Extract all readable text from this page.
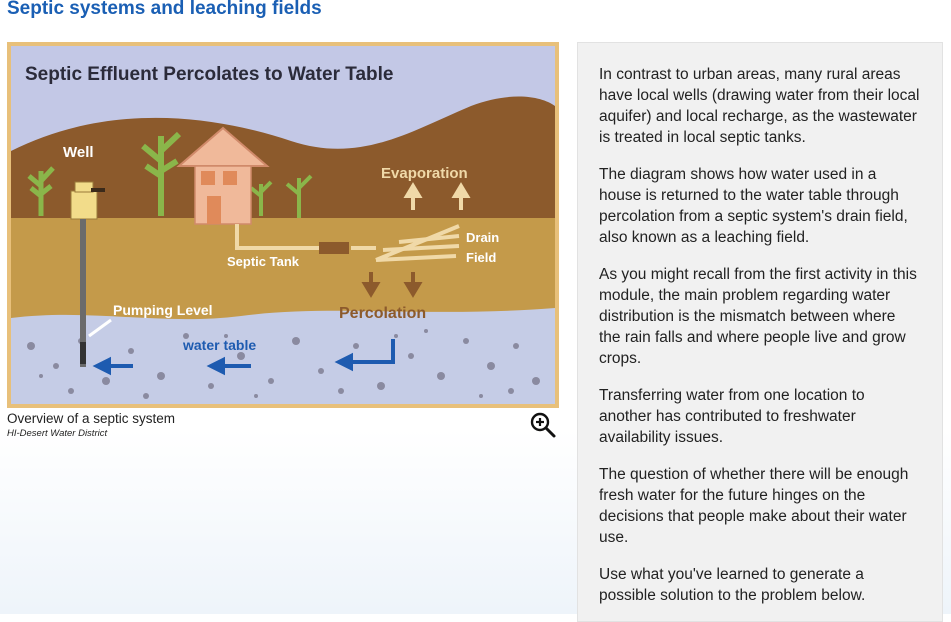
Septic systems and leaching fields
Septic Effluent Percolates to Water Table
Well
Evaporation
Drain
Field
Septic Tank
Pumping Level	Percolation
water table
Overview of a septic system
HI-Desert Water District

In contrast to urban areas, many rural areas have local wells (drawing water from their local aquifer) and local recharge, as the wastewater is treated in local septic tanks.

The diagram shows how water used in a house is returned to the water table through percolation from a septic system's drain field, also known as a leaching field.

As you might recall from the first activity in this module, the main problem regarding water distribution is the mismatch between where the rain falls and where people live and grow crops.

Transferring water from one location to another has contributed to freshwater availability issues.

The question of whether there will be enough fresh water for the future hinges on the decisions that people make about their water use.

Use what you've learned to generate a possible solution to the problem below.
